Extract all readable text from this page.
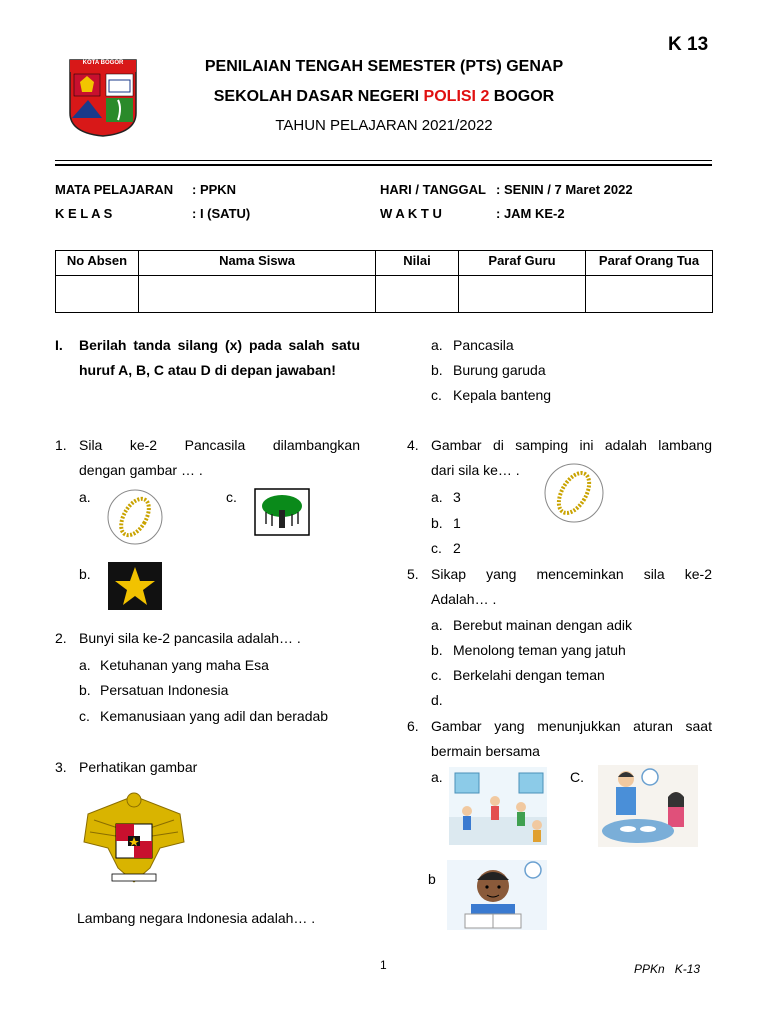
KOTA BOGOR
K 13
PENILAIAN TENGAH SEMESTER (PTS) GENAP
SEKOLAH DASAR NEGERI POLISI 2 BOGOR
TAHUN PELAJARAN 2021/2022
MATA PELAJARAN : PPKN
K E L A S	: I (SATU)
HARI / TANGGAL : SENIN / 7 Maret 2022
W A K T U	: JAM KE-2
No Absen	Nama Siswa	Nilai	Paraf Guru	Paraf Orang Tua

I. Berilah tanda silang (x) pada salah satu huruf A, B, C atau D di depan jawaban!
1. Sila ke-2 Pancasila dilambangkan
dengan gambar … .
a.	c.
b.
2. Bunyi sila ke-2 pancasila adalah… .
a. Ketuhanan yang maha Esa
b. Persatuan Indonesia
c. Kemanusiaan yang adil dan beradab
3. Perhatikan gambar
Lambang negara Indonesia adalah… .
a. Pancasila
b. Burung garuda
c. Kepala banteng
4. Gambar di samping ini adalah lambang
dari sila ke… .
a. 3
b. 1
c. 2
5. Sikap yang menceminkan sila ke-2
Adalah… .
a. Berebut mainan dengan adik
b. Menolong teman yang jatuh
c. Berkelahi dengan teman
d.
6. Gambar yang menunjukkan aturan saat
bermain bersama
a.	C.
b
1	PPKn   K-13
